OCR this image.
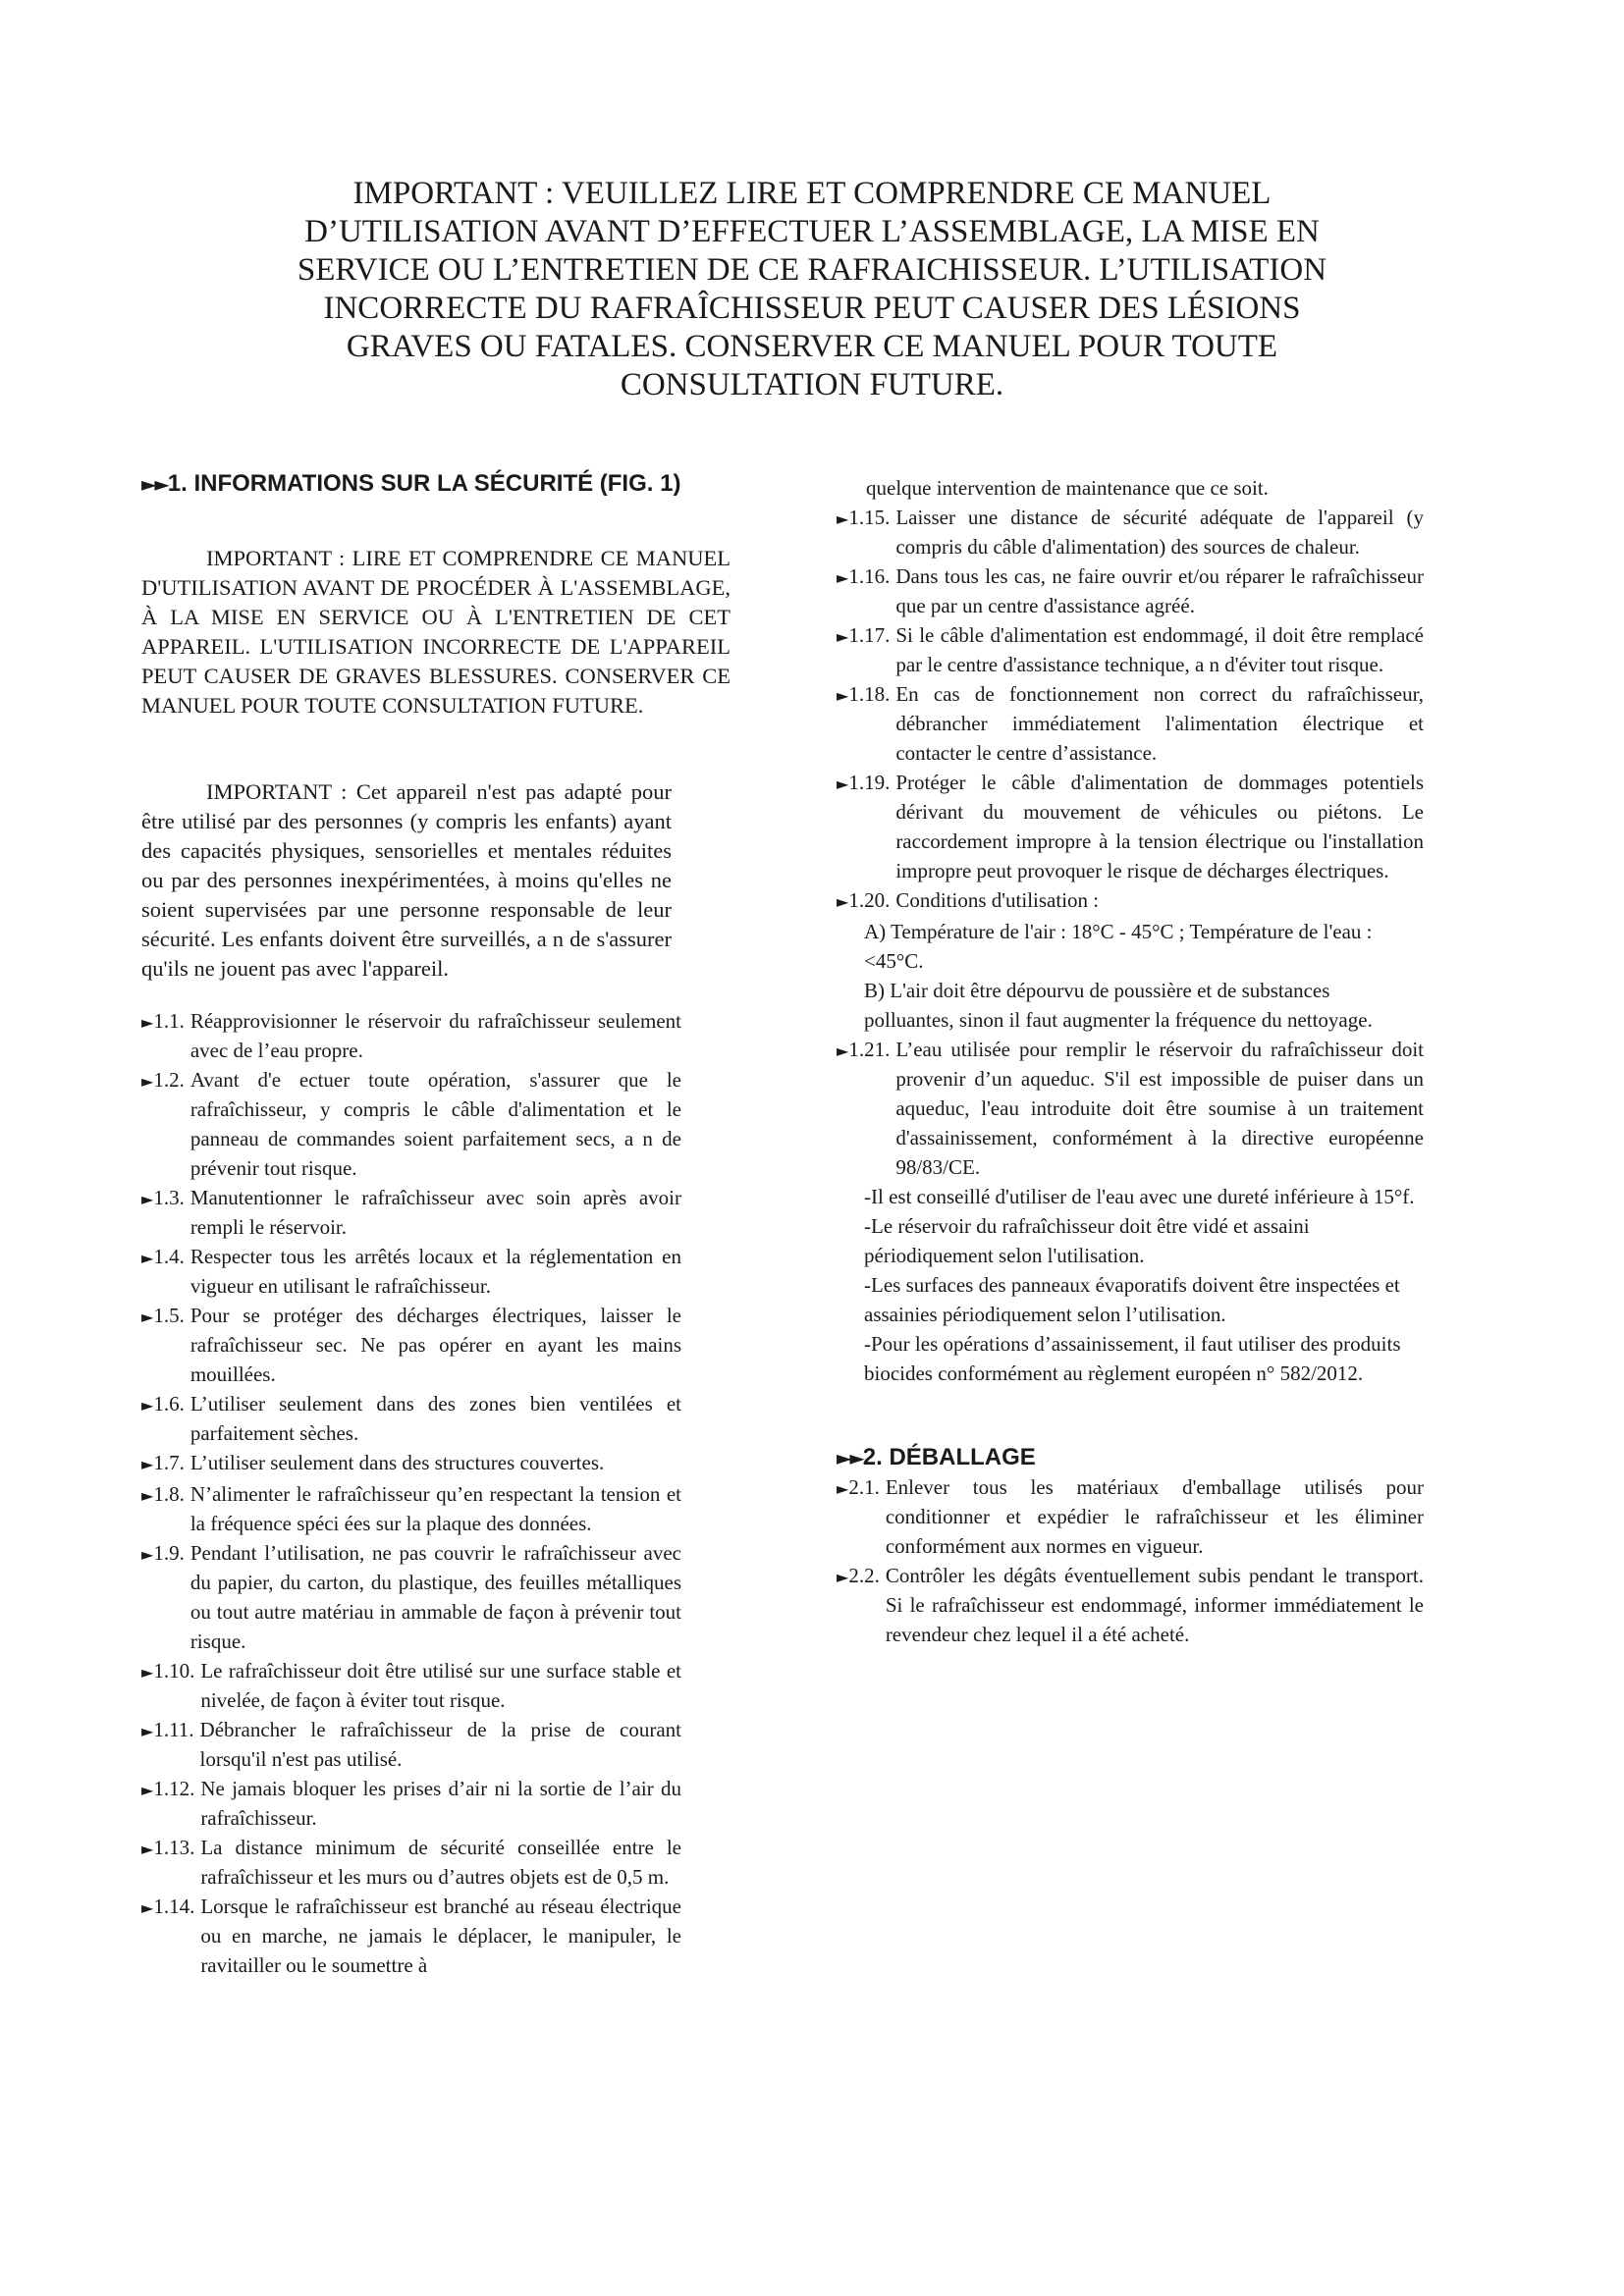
IMPORTANT : VEUILLEZ LIRE ET COMPRENDRE CE MANUEL
D’UTILISATION AVANT D’EFFECTUER L’ASSEMBLAGE, LA MISE EN
SERVICE OU L’ENTRETIEN DE CE RAFRAICHISSEUR. L’UTILISATION
INCORRECTE DU RAFRAÎCHISSEUR PEUT CAUSER DES LÉSIONS
GRAVES OU FATALES. CONSERVER CE MANUEL POUR TOUTE
CONSULTATION FUTURE.
►►1. INFORMATIONS SUR LA SÉCURITÉ (FIG. 1)

IMPORTANT : LIRE ET COMPRENDRE CE MANUEL D'UTILISATION AVANT DE PROCÉDER À L'ASSEMBLAGE, À LA MISE EN SERVICE OU À L'ENTRETIEN DE CET APPAREIL. L'UTILISATION INCORRECTE DE L'APPAREIL PEUT CAUSER DE GRAVES BLESSURES. CONSERVER CE MANUEL POUR TOUTE CONSULTATION FUTURE.

IMPORTANT : Cet appareil n'est pas adapté pour être utilisé par des personnes (y compris les enfants) ayant des capacités physiques, sensorielles et mentales réduites ou par des personnes inexpérimentées, à moins qu'elles ne soient supervisées par une personne responsable de leur sécurité. Les enfants doivent être surveillés, a n de s'assurer qu'ils ne jouent pas avec l'appareil.

►1.1. Réapprovisionner le réservoir du rafraîchisseur seulement avec de l’eau propre.
►1.2. Avant d'e ectuer toute opération, s'assurer que le rafraîchisseur, y compris le câble d'alimentation et le panneau de commandes soient parfaitement secs, a n de prévenir tout risque.
►1.3. Manutentionner le rafraîchisseur avec soin après avoir rempli le réservoir.
►1.4. Respecter tous les arrêtés locaux et la réglementation en vigueur en utilisant le rafraîchisseur.
►1.5. Pour se protéger des décharges électriques, laisser le rafraîchisseur sec. Ne pas opérer en ayant les mains mouillées.
►1.6. L’utiliser seulement dans des zones bien ventilées et parfaitement sèches.
►1.7. L’utiliser seulement dans des structures couvertes.
►1.8. N’alimenter le rafraîchisseur qu’en respectant la tension et la fréquence spéci ées sur la plaque des données.
►1.9. Pendant l’utilisation, ne pas couvrir le rafraîchisseur avec du papier, du carton, du plastique, des feuilles métalliques ou tout autre matériau in ammable de façon à prévenir tout risque.
►1.10. Le rafraîchisseur doit être utilisé sur une surface stable et nivelée, de façon à éviter tout risque.
►1.11. Débrancher le rafraîchisseur de la prise de courant lorsqu'il n'est pas utilisé.
►1.12. Ne jamais bloquer les prises d’air ni la sortie de l’air du rafraîchisseur.
►1.13. La distance minimum de sécurité conseillée entre le rafraîchisseur et les murs ou d’autres objets est de 0,5 m.
►1.14. Lorsque le rafraîchisseur est branché au réseau électrique ou en marche, ne jamais le déplacer, le manipuler, le ravitailler ou le soumettre à
quelque intervention de maintenance que ce soit.
►1.15. Laisser une distance de sécurité adéquate de l'appareil (y compris du câble d'alimentation) des sources de chaleur.
►1.16. Dans tous les cas, ne faire ouvrir et/ou réparer le rafraîchisseur que par un centre d'assistance agréé.
►1.17. Si le câble d'alimentation est endommagé, il doit être remplacé par le centre d'assistance technique, a n d'éviter tout risque.
►1.18. En cas de fonctionnement non correct du rafraîchisseur, débrancher immédiatement l'alimentation électrique et contacter le centre d’assistance.
►1.19. Protéger le câble d'alimentation de dommages potentiels dérivant du mouvement de véhicules ou piétons. Le raccordement impropre à la tension électrique ou l'installation impropre peut provoquer le risque de décharges électriques.
►1.20. Conditions d'utilisation :
A) Température de l'air : 18°C - 45°C ; Température de l'eau : <45°C.
B) L'air doit être dépourvu de poussière et de substances polluantes, sinon il faut augmenter la fréquence du nettoyage.
►1.21. L’eau utilisée pour remplir le réservoir du rafraîchisseur doit provenir d’un aqueduc. S'il est impossible de puiser dans un aqueduc, l'eau introduite doit être soumise à un traitement d'assainissement, conformément à la directive européenne 98/83/CE.
-Il est conseillé d'utiliser de l'eau avec une dureté inférieure à 15°f.
-Le réservoir du rafraîchisseur doit être vidé et assaini périodiquement selon l'utilisation.
-Les surfaces des panneaux évaporatifs doivent être inspectées et assainies périodiquement selon l’utilisation.
-Pour les opérations d’assainissement, il faut utiliser des produits biocides conformément au règlement européen n° 582/2012.
►►2. DÉBALLAGE
►2.1. Enlever tous les matériaux d'emballage utilisés pour conditionner et expédier le rafraîchisseur et les éliminer conformément aux normes en vigueur.
►2.2. Contrôler les dégâts éventuellement subis pendant le transport. Si le rafraîchisseur est endommagé, informer immédiatement le revendeur chez lequel il a été acheté.
